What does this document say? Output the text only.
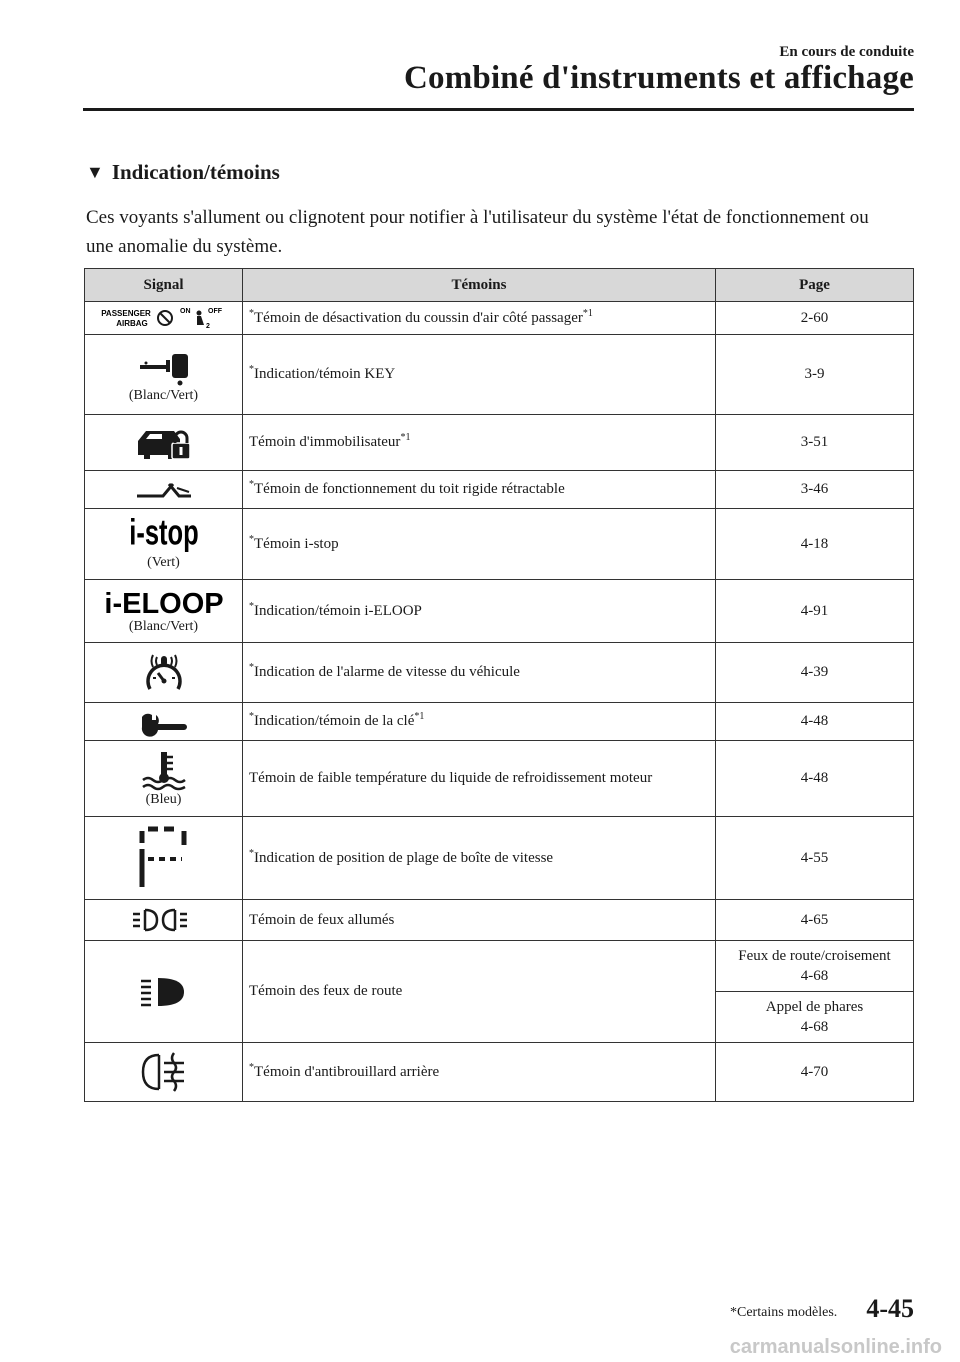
En cours de conduite
Combiné d'instruments et affichage
▼ Indication/témoins
Ces voyants s'allument ou clignotent pour notifier à l'utilisateur du système l'état de fonctionnement ou une anomalie du système.
Signal	Témoins	Page

PASSENGER
AIRBAG
ON OFF
2	*Témoin de désactivation du coussin d'air côté passager$^{*1}$	2-60

(Blanc/Vert)	*Indication/témoin KEY	3-9

	Témoin d'immobilisateur$^{*1}$	3-51

	*Témoin de fonctionnement du toit rigide rétractable	3-46

i-stop
(Vert)	*Témoin i-stop	4-18

i-ELOOP
(Blanc/Vert)	*Indication/témoin i-ELOOP	4-91

	*Indication de l'alarme de vitesse du véhicule	4-39

	*Indication/témoin de la clé$^{*1}$	4-48

(Bleu)	Témoin de faible température du liquide de refroidissement moteur	4-48

	*Indication de position de plage de boîte de vitesse	4-55

	Témoin de feux allumés	4-65

	Témoin des feux de route	Feux de route/croisement
4-68

		Appel de phares
4-68

	*Témoin d'antibrouillard arrière	4-70
*Certains modèles. 4-45
carmanualsonline.info
